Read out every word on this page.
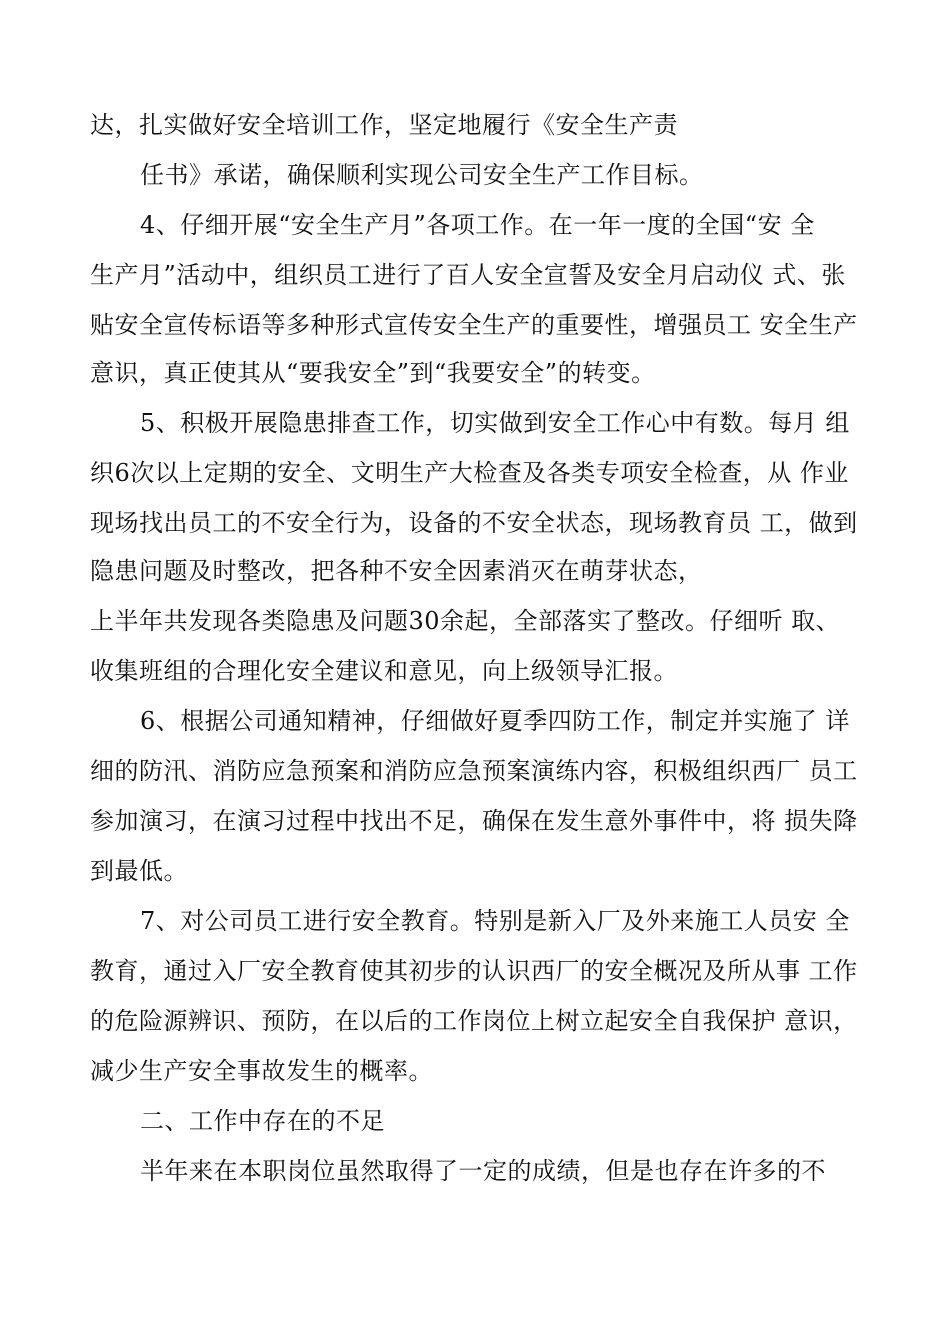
达，扎实做好安全培训工作，坚定地履行《安全生产责
任书》承诺，确保顺利实现公司安全生产工作目标。
4、仔细开展“安全生产月”各项工作。在一年一度的全国“安 全
生产月”活动中，组织员工进行了百人安全宣誓及安全月启动仪 式、张
贴安全宣传标语等多种形式宣传安全生产的重要性，增强员工 安全生产
意识，真正使其从“要我安全”到“我要安全”的转变。
5、积极开展隐患排查工作，切实做到安全工作心中有数。每月 组
织6次以上定期的安全、文明生产大检查及各类专项安全检查，从 作业
现场找出员工的不安全行为，设备的不安全状态，现场教育员 工，做到
隐患问题及时整改，把各种不安全因素消灭在萌芽状态，
上半年共发现各类隐患及问题30余起，全部落实了整改。仔细听 取、
收集班组的合理化安全建议和意见，向上级领导汇报。
6、根据公司通知精神，仔细做好夏季四防工作，制定并实施了 详
细的防汛、消防应急预案和消防应急预案演练内容，积极组织西厂 员工
参加演习，在演习过程中找出不足，确保在发生意外事件中，将 损失降
到最低。
7、对公司员工进行安全教育。特别是新入厂及外来施工人员安 全
教育，通过入厂安全教育使其初步的认识西厂的安全概况及所从事 工作
的危险源辨识、预防，在以后的工作岗位上树立起安全自我保护 意识，
减少生产安全事故发生的概率。
二、工作中存在的不足
半年来在本职岗位虽然取得了一定的成绩，但是也存在许多的不
